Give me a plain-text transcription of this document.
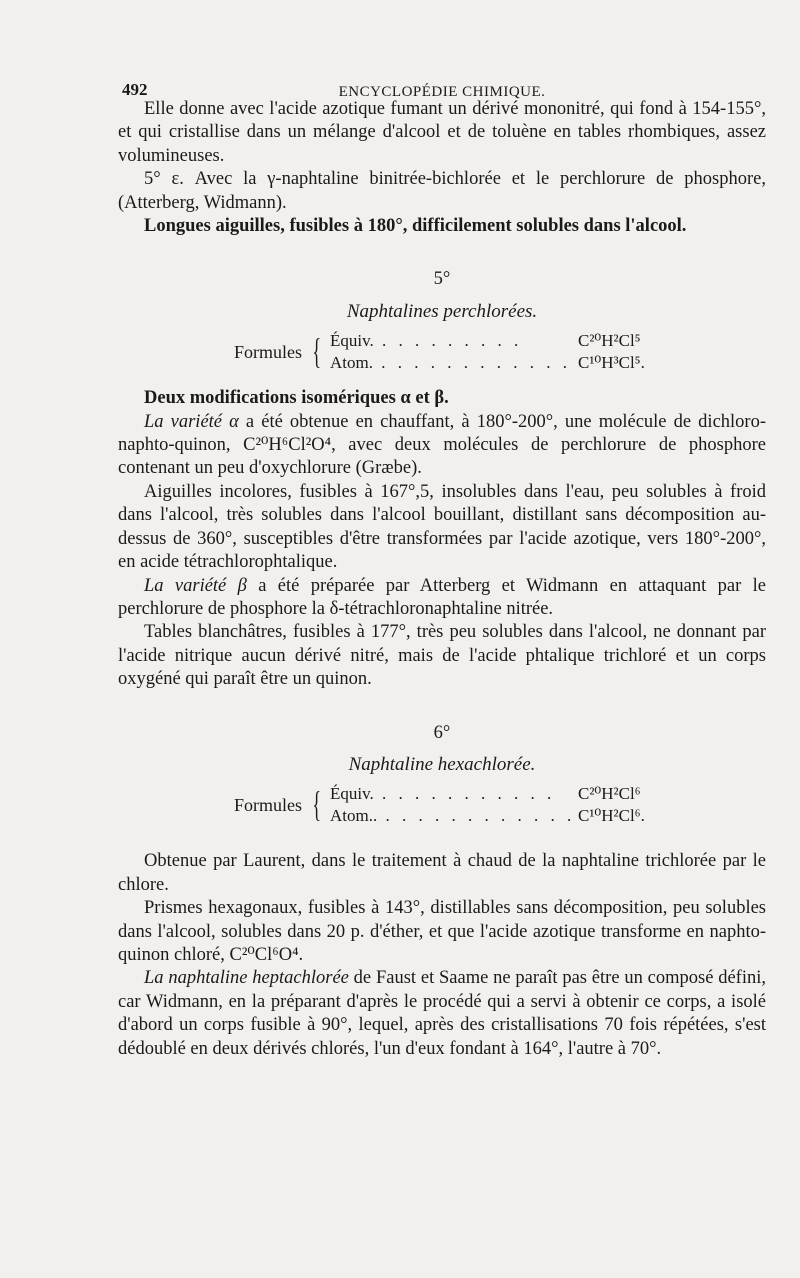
492	ENCYCLOPÉDIE CHIMIQUE.

Elle donne avec l'acide azotique fumant un dérivé mononitré, qui fond à 154-155°, et qui cristallise dans un mélange d'alcool et de toluène en tables rhombiques, assez volumineuses.

5° ε. Avec la γ-naphtaline binitrée-bichlorée et le perchlorure de phosphore, (Atterberg, Widmann).

Longues aiguilles, fusibles à 180°, difficilement solubles dans l'alcool.

5°

Naphtalines perchlorées.

Formules { Équiv. . . . . . . . . .	C²⁰H²Cl⁵
Atom. . . . . . . . . . . . . C¹⁰H³Cl⁵.

Deux modifications isomériques α et β.

La variété α a été obtenue en chauffant, à 180°-200°, une molécule de dichloro-naphto-quinon, C²⁰H⁶Cl²O⁴, avec deux molécules de perchlorure de phosphore contenant un peu d'oxychlorure (Græbe).

Aiguilles incolores, fusibles à 167°,5, insolubles dans l'eau, peu solubles à froid dans l'alcool, très solubles dans l'alcool bouillant, distillant sans décomposition au-dessus de 360°, susceptibles d'être transformées par l'acide azotique, vers 180°-200°, en acide tétrachlorophtalique.

La variété β a été préparée par Atterberg et Widmann en attaquant par le perchlorure de phosphore la δ-tétrachloronaphtaline nitrée.

Tables blanchâtres, fusibles à 177°, très peu solubles dans l'alcool, ne donnant par l'acide nitrique aucun dérivé nitré, mais de l'acide phtalique trichloré et un corps oxygéné qui paraît être un quinon.

6°

Naphtaline hexachlorée.

Formules { Équiv. . . . . . . . . . . . C²⁰H²Cl⁶
Atom.. . . . . . . . . . . . . C¹⁰H²Cl⁶.

Obtenue par Laurent, dans le traitement à chaud de la naphtaline trichlorée par le chlore.

Prismes hexagonaux, fusibles à 143°, distillables sans décomposition, peu solubles dans l'alcool, solubles dans 20 p. d'éther, et que l'acide azotique transforme en naphto-quinon chloré, C²⁰Cl⁶O⁴.

La naphtaline heptachlorée de Faust et Saame ne paraît pas être un composé défini, car Widmann, en la préparant d'après le procédé qui a servi à obtenir ce corps, a isolé d'abord un corps fusible à 90°, lequel, après des cristallisations 70 fois répétées, s'est dédoublé en deux dérivés chlorés, l'un d'eux fondant à 164°, l'autre à 70°.
